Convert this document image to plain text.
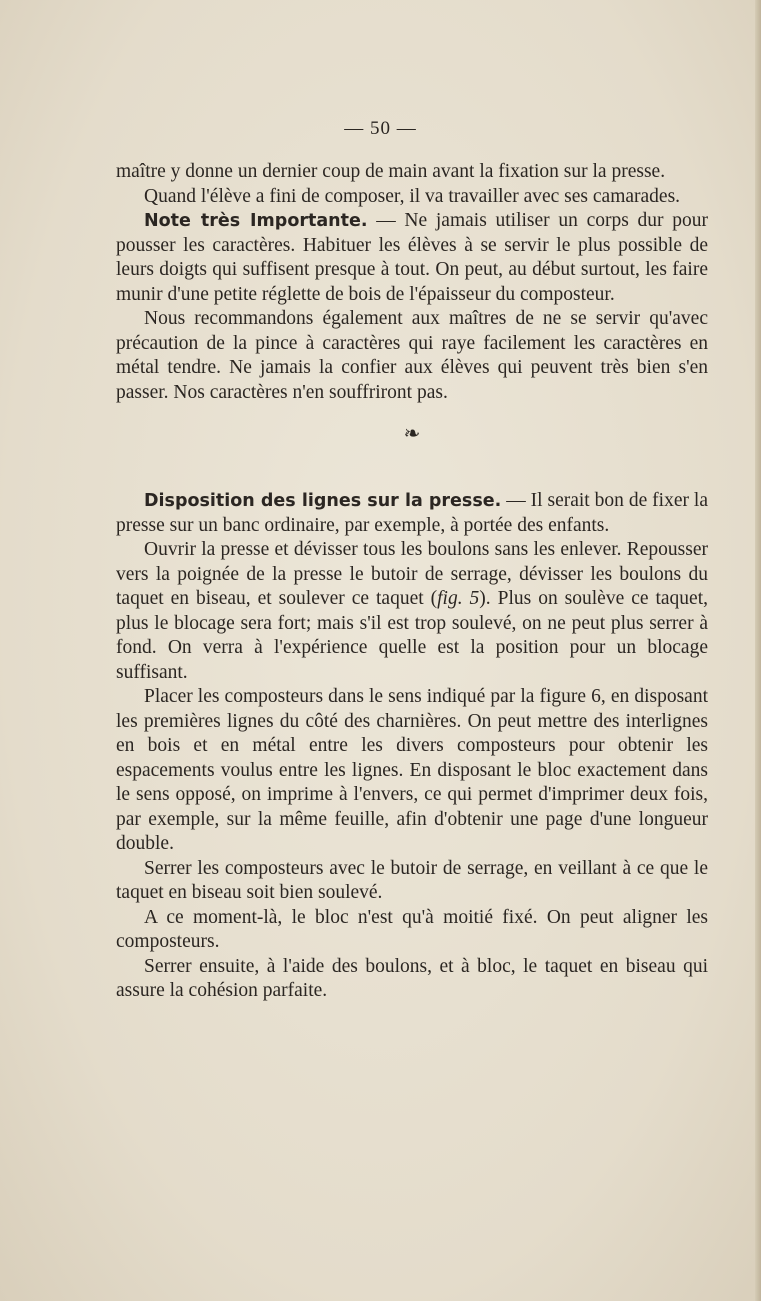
— 50 —

maître y donne un dernier coup de main avant la fixation sur la presse.

Quand l'élève a fini de composer, il va travailler avec ses camarades.

Note très Importante. — Ne jamais utiliser un corps dur pour pousser les caractères. Habituer les élèves à se servir le plus possible de leurs doigts qui suffisent presque à tout. On peut, au début surtout, les faire munir d'une petite réglette de bois de l'épaisseur du composteur.

Nous recommandons également aux maîtres de ne se servir qu'avec précaution de la pince à caractères qui raye facilement les caractères en métal tendre. Ne jamais la confier aux élèves qui peuvent très bien s'en passer. Nos caractères n'en souffriront pas.

❧

Disposition des lignes sur la presse. — Il serait bon de fixer la presse sur un banc ordinaire, par exemple, à portée des enfants.

Ouvrir la presse et dévisser tous les boulons sans les enlever. Repousser vers la poignée de la presse le butoir de serrage, dévisser les boulons du taquet en biseau, et soulever ce taquet (fig. 5). Plus on soulève ce taquet, plus le blocage sera fort; mais s'il est trop soulevé, on ne peut plus serrer à fond. On verra à l'expérience quelle est la position pour un blocage suffisant.

Placer les composteurs dans le sens indiqué par la figure 6, en disposant les premières lignes du côté des charnières. On peut mettre des interlignes en bois et en métal entre les divers composteurs pour obtenir les espacements voulus entre les lignes. En disposant le bloc exactement dans le sens opposé, on imprime à l'envers, ce qui permet d'imprimer deux fois, par exemple, sur la même feuille, afin d'obtenir une page d'une longueur double.

Serrer les composteurs avec le butoir de serrage, en veillant à ce que le taquet en biseau soit bien soulevé.

A ce moment-là, le bloc n'est qu'à moitié fixé. On peut aligner les composteurs.

Serrer ensuite, à l'aide des boulons, et à bloc, le taquet en biseau qui assure la cohésion parfaite.
